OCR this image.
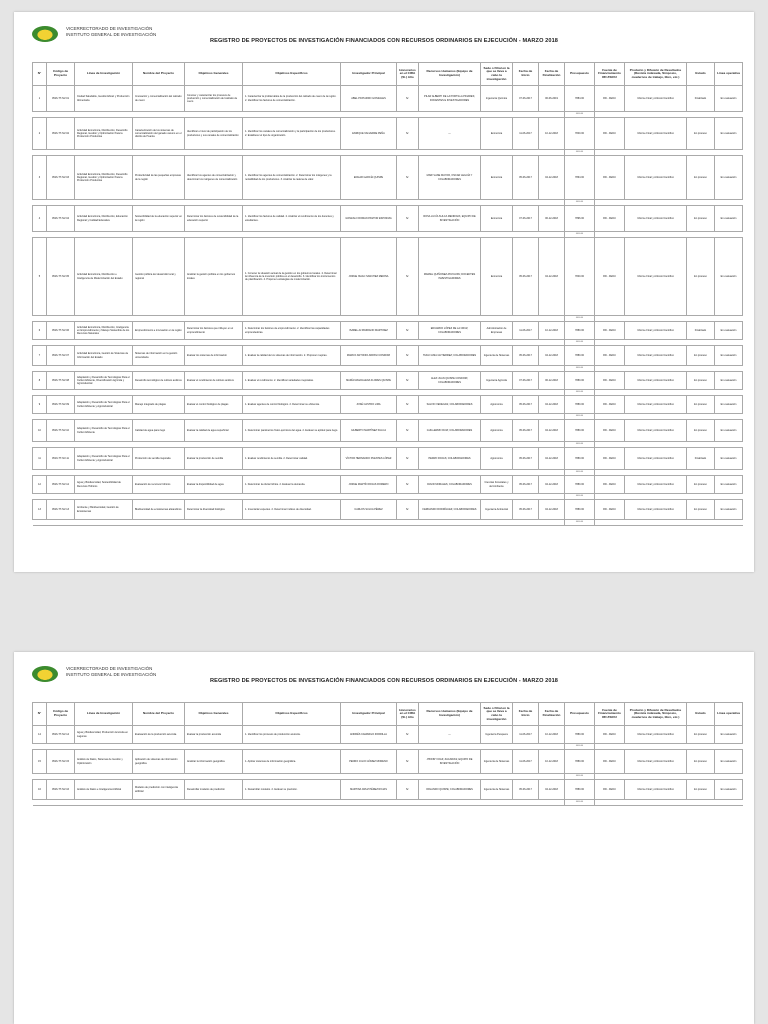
VICERRECTORADO DE INVESTIGACIÓN
INSTITUTO GENERAL DE INVESTIGACIÓN
REGISTRO DE PROYECTOS DE INVESTIGACIÓN FINANCIADOS CON RECURSOS ORDINARIOS EN EJECUCIÓN - MARZO 2018
N°	Código de Proyecto	Línea de Investigación	Nombre del Proyecto	Objetivos Generales	Objetivos Específicos	Investigador Principal	Honorarios en el CIRA (S/.) Año	Recursos Humanos (Equipo de Investigación)	Sede o Filial en la que se lleva a cabo la investigación	Fecha de Inicio	Fecha de Finalización	Presupuesto	Fuente de Financiamiento RD /FEDU	Producto y Difusión de Resultados (Revista indexada, Simposio, cuadernos de trabajo, libro, etc.)	Estado	Línea operativa
1	0516-TT-NV-01	Ciudad Saludable, Gestión Eficaz y Producción Alimentaria	Innovación y comercialización del calzado de cuero	Conocer y caracterizar los procesos de producción y comercialización del calzado de cuero	1. Caracterizar la problemática de la producción del calzado de cuero de la región. 2. Identificar los factores de comercialización.	ABEL PICHARDO GONZALES	S/.	PILAR ALBERTI DE LA PORTILLA PINARES; DOCENTES E INVESTIGADORES	Ingeniería Química	07-06-2017	06-06-2019	7884.00	RD - FEDU	Informe Final y Artículo Científico	Finalizado	En evaluación
												0000.00				
2	0516-TT-NV-02	Actividad Económica, Distribución, Desarrollo Regional, Gestión y Optimización Para la Producción Productiva	Caracterización de los sistemas de comercialización del ganado vacuno en el distrito de Huanta	Identificar el nivel de participación de los productores y sus canales de comercialización	1. Identificar los canales de comercialización y la participación de los productores. 2. Establecer el tipo de organización.	ENRIQUE VALVERDE PEÑA	S/.	—	Economía	11-06-2017	10-12-2018	7840.00	RD - FEDU	Informe Final y Artículo Científico	En proceso	En evaluación
												0000.00				
3	0516-TT-NV-03	Actividad Económica, Distribución, Desarrollo Regional, Gestión y Optimización Para la Producción Productiva	Productividad de las pequeñas empresas de la región	Identificar los agentes de comercialización y determinar los márgenes de comercialización	1. Identificar los agentes de comercialización. 2. Determinar los márgenes y la rentabilidad de los productores. 3. Analizar la cadena de valor.	EDGAR GARCÍA QUISPE	S/.	MARYLANE MAYOR, OSCAR LEGUÍA Y COLABORADORES	Economía	05-06-2017	04-12-2018	7864.00	RD - FEDU	Informe Final y Artículo Científico	En proceso	En evaluación
												0000.00				
4	0516-TT-NV-04	Actividad Económica, Distribución, Educación Regional y Calidad Educativa	Sostenibilidad de la educación superior en la región	Determinar los factores de sostenibilidad de la educación superior	1. Identificar los factores de calidad. 2. Analizar el rendimiento de los docentes y estudiantes.	GONZALO ROMAN PASTOR ESPINOZA	S/.	ROSA LUCÍA SULCA MENDOZA; EQUIPO DE INVESTIGACIÓN	Economía	07-06-2017	06-12-2018	7896.00	RD - FEDU	Informe Final y Artículo Científico	En proceso	En evaluación
												0000.00				
5	0516-TT-NV-05	Actividad Económica, Distribución e Inteligencia de Modernización del Estado	Gestión pública del desarrollo local y regional	Analizar la gestión pública en los gobiernos locales	1. Conocer la situación actual de la gestión en los gobiernos locales. 2. Determinar la influencia de la inversión pública en el desarrollo. 3. Identificar los instrumentos de planificación. 4. Proponer estrategias de modernización.	JORGE ISAAC SANCHEZ MEDINA	S/.	MARIEL QUIÑONEZ ATAYAUPA; DOCENTES INVESTIGADORES	Economía	05-06-2017	04-12-2018	7840.00	RD - FEDU	Informe Final y Artículo Científico	En proceso	En evaluación
												0000.00				
6	0516-TT-NV-06	Actividad Económica, Distribución, Inteligencia en Emprendimiento y Manejo Sostenible de los Recursos Naturales	Emprendimiento e innovación en la región	Determinar los factores que influyen en el emprendimiento	1. Determinar los factores de emprendimiento. 2. Identificar las capacidades emprendedoras.	ISABEL ALTAMIRANO MARTINEZ	S/.	EDUARDO LÓPEZ DE LA CRUZ; COLABORADORES	Administración de Empresas	11-06-2017	10-12-2018	7880.00	RD - FEDU	Informe Final y Artículo Científico	Finalizado	En evaluación
												0000.00				
7	0516-TT-NV-07	Actividad Económica, Gestión de Sistemas de Información del Estado	Sistemas de información en la gestión universitaria	Evaluar los sistemas de información	1. Evaluar la calidad de los sistemas de información. 2. Proponer mejoras.	MARCO ANTONIO ARPASI CONDORI	S/.	HUGO LIMA GUTIERREZ; COLABORADORES	Ingeniería de Sistemas	05-06-2017	04-12-2018	7880.00	RD - FEDU	Informe Final y Artículo Científico	En proceso	En evaluación
												0000.00				
8	0516-TT-NV-08	Adaptación y Desarrollo de Tecnologías Para el Cultivo Eficiente, Diversificación Agrícola y Agroindustrial	Desarrollo tecnológico de cultivos andinos	Evaluar el rendimiento de cultivos andinos	1. Evaluar el rendimiento. 2. Identificar variedades mejoradas.	MARÍA MAGDALENA FLORES QUISPE	S/.	ALEX JUAN QUISPE CONDORI; COLABORADORES	Ingeniería Agrícola	07-06-2017	06-12-2018	7880.00	RD - FEDU	Informe Final y Artículo Científico	En proceso	En evaluación
												0000.00				
9	0516-TT-NV-09	Adaptación y Desarrollo de Tecnologías Para el Cultivo Eficiente y Agroindustrial	Manejo integrado de plagas	Evaluar el control biológico de plagas	1. Evaluar agentes de control biológico. 2. Determinar su eficiencia.	JOSÉ CASTRO LIMA	S/.	SALVIO VENEGAS; COLABORADORES	Agronomía	05-06-2017	04-12-2018	7880.00	RD - FEDU	Informe Final y Artículo Científico	En proceso	En evaluación
												0000.00				
10	0516-TT-NV-10	Adaptación y Desarrollo de Tecnologías Para el Cultivo Eficiente	Calidad de agua para riego	Evaluar la calidad de agua superficial	1. Determinar parámetros físico-químicos del agua. 2. Evaluar su aptitud para riego.	GILBERTO MARTÍNEZ SULCA	S/.	GUILLERMO RUIZ; COLABORADORES	Agronomía	05-06-2017	04-12-2018	7880.00	RD - FEDU	Informe Final y Artículo Científico	En proceso	En evaluación
												0000.00				
11	0516-TT-NV-11	Adaptación y Desarrollo de Tecnologías Para el Cultivo Eficiente y Agroindustrial	Producción de semilla mejorada	Evaluar la producción de semilla	1. Evaluar rendimiento de semilla. 2. Determinar calidad.	VÍCTOR HERNANDO PUENTES LÓPEZ	S/.	PEDRO ROJAS; COLABORADORES	Agronomía	05-06-2017	04-12-2018	7880.00	RD - FEDU	Informe Final y Artículo Científico	Finalizado	En evaluación
												0000.00				
12	0516-TT-NV-12	Agua y Biodiversidad, Sostenibilidad de Recursos Hídricos	Evaluación de recursos hídricos	Evaluar la disponibilidad de agua	1. Determinar la oferta hídrica. 2. Evaluar la demanda.	JORGE MARTÍN ROJAS ROMERO	S/.	DAVID MORALES; COLABORADORES	Ciencias Forestales y del Ambiente	05-06-2017	04-12-2018	7880.00	RD - FEDU	Informe Final y Artículo Científico	En proceso	En evaluación
												0000.00				
13	0516-TT-NV-13	Ambiente y Biodiversidad, Gestión de Ecosistemas	Biodiversidad de ecosistemas altoandinos	Determinar la diversidad biológica	1. Inventariar especies. 2. Determinar índices de diversidad.	CARLOS SULCA PÉREZ	S/.	FERNANDO RODRÍGUEZ; COLABORADORES	Ingeniería Ambiental	05-06-2017	04-12-2018	7880.00	RD - FEDU	Informe Final y Artículo Científico	En proceso	En evaluación
												0000.00				
VICERRECTORADO DE INVESTIGACIÓN
INSTITUTO GENERAL DE INVESTIGACIÓN
REGISTRO DE PROYECTOS DE INVESTIGACIÓN FINANCIADOS CON RECURSOS ORDINARIOS EN EJECUCIÓN - MARZO 2018
N°	Código de Proyecto	Línea de Investigación	Nombre del Proyecto	Objetivos Generales	Objetivos Específicos	Investigador Principal	Honorarios en el CIRA (S/.) Año	Recursos Humanos (Equipo de Investigación)	Sede o Filial en la que se lleva a cabo la investigación	Fecha de Inicio	Fecha de Finalización	Presupuesto	Fuente de Financiamiento RD /FEDU	Producto y Difusión de Resultados (Revista indexada, Simposio, cuadernos de trabajo, libro, etc.)	Estado	Línea operativa
14	0516-TT-NV-14	Agua y Biodiversidad, Producción Acuícola en Lagunas	Evaluación de la producción acuícola	Evaluar la producción acuícola	1. Identificar los procesos de producción acuícola.	ANDRÉS CAMARGO ZORRILLA	S/.	—	Ingeniería Pesquera	11-06-2017	10-12-2018	7880.00	RD - FEDU	Informe Final y Artículo Científico	En proceso	En evaluación
												0000.00				
15	0516-TT-NV-15	Análisis de Datos, Sistemas de Gestión y Optimización	Aplicación de sistemas de información geográfica	Analizar la información geográfica	1. Aplicar sistemas de información geográfica.	PEDRO JULIO GÓMEZ MORENO	S/.	JHONNY DIAZ; ZACARIAS; EQUIPO DE INVESTIGACIÓN	Ingeniería de Sistemas	11-06-2017	10-12-2018	7880.00	RD - FEDU	Informe Final y Artículo Científico	En proceso	En evaluación
												0000.00				
16	0516-TT-NV-16	Análisis de Datos e Inteligencia Artificial	Modelos de predicción con inteligencia artificial	Desarrollar modelos de predicción	1. Desarrollar modelos. 2. Evaluar su precisión.	MARTINA CRUZ PÉREZ ROJAS	S/.	ORLANDO QUISPE; COLABORADORES	Ingeniería de Sistemas	05-06-2017	04-12-2018	7880.00	RD - FEDU	Informe Final y Artículo Científico	En proceso	En evaluación
												0000.00				
